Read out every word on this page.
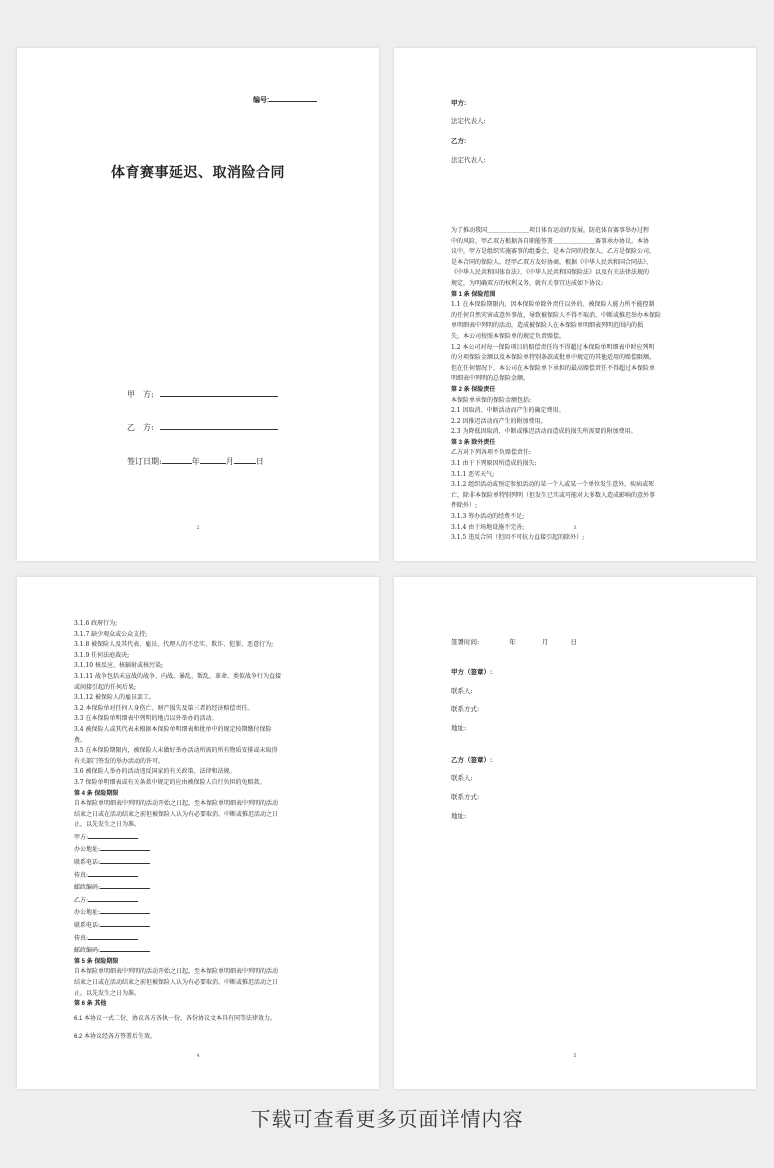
编号:
体育赛事延迟、取消险合同
甲　方:
乙　方:
签订日期:	年	月	日
2
甲方:
法定代表人:
乙方:
法定代表人:
为了推动我国＿＿＿＿＿＿＿项目体育运动的发展，防范体育赛事举办过程
中的风险，甲乙双方根据各自职能签署＿＿＿＿＿＿＿赛事承办协议。本协
议中，甲方是组织实施赛事的组委会，是本合同的投保人，乙方是保险公司，
是本合同的保险人。经甲乙双方友好协商，根据《中华人民共和国合同法》、
《中华人民共和国体育法》、《中华人民共和国保险法》以及有关法律法规的
规定，为明确双方的权利义务，就有关事宜达成如下协议:
第 1 条 保险范围
1.1 在本保险期限内，因本保险单除外责任以外的、被保险人能力所不能控制
的任何自然灾害或意外事故，导致被保险人不得不取消、中断或推迟举办本保险
单明细表中列明的活动，造成被保险人在本保险单明细表列明范围内的损
失，本公司按照本保险单的规定负责赔偿。
1.2 本公司对每一保险项目的赔偿责任均不得超过本保险单明细表中时应列明
的分项保险金额以及本保险单特别条款或批单中规定的其他适用的赔偿限额。
但在任何情况下，本公司在本保险单下承担的最高赔偿责任不得超过本保险单
明细表中列明的总保险金额。
第 2 条 保险责任
本保险单承保的保险金额包括:
2.1 因取消、中断活动而产生的确定费用。
2.2 因推迟活动而产生的附加费用。
2.3 为降低因取消、中断或推迟活动而造成的损失所需要的附加费用。
第 3 条 除外责任
乙方对下列各项不负赔偿责任:
3.1 由于下列原因所造成的损失:
3.1.1 恶劣天气;
3.1.2 组织活动或预定参加活动的某一个人或某一个单位发生意外、疾病或死
亡，除非本保险单特别列明（但发生已实或可能对大多数人造成影响的意外事
件除外）;
3.1.3 筹办活动的经费不足;
3.1.4 由于场地设施不完善;
3.1.5 违反合同（但因不可抗力直接引起的除外）;
3
3.1.6 政府行为;
3.1.7 缺少观众或公众支持;
3.1.8 被保险人及其代表、雇员、代理人的不忠实、欺诈、犯罪、恶意行为;
3.1.9 任何法庭裁决;
3.1.10 核反应、核辐射或核污染;
3.1.11 战争包括未宣战的战争、内战、暴乱、叛乱、革命、类似战争行为直接
或间接引起的任何后果;
3.1.12 被保险人的雇员罢工。
3.2 本保险单对任何人身伤亡、财产损失及第三者的经济赔偿责任。
3.3 在本保险单明细表中列明的地点以外举办的活动。
3.4 被保险人或其代表未根据本保险单明细表和批单中的规定按期缴付保险
费。
3.5 在本保险期限内，被保险人未做好举办活动所需的所有物质安排或未取得
有关部门签发的举办活动的许可。
3.6 被保险人举办的活动违反国家的有关政策、法律和法规。
3.7 保险单明细表或有关条款中规定的应由被保险人自行负担的免赔款。
第 4 条 保险期限
自本保险单明细表中列明的活动开始之日起，至本保险单明细表中列明的活动
结束之日或在活动结束之前但被保险人认为有必要取消、中断或推迟活动之日
止，以先发生之日为准。
甲方:
办公地址:
联系电话:
传真:
邮政编码:
乙方:
办公地址:
联系电话:
传真:
邮政编码:
第 5 条 保险期限
自本保险单明细表中列明的活动开始之日起，至本保险单明细表中列明的活动
结束之日或在活动结束之前但被保险人认为有必要取消、中断或推迟活动之日
止，以先发生之日为准。
第 6 条 其他
6.1 本协议一式二份，协议各方各执一份，各份协议文本具有同等法律效力。
6.2 本协议经各方签署后生效。
4
签署时间:	年	月	日
甲方（签章）:
联系人:
联系方式:
地址:
乙方（签章）:
联系人:
联系方式:
地址:
5
下载可查看更多页面详情内容
